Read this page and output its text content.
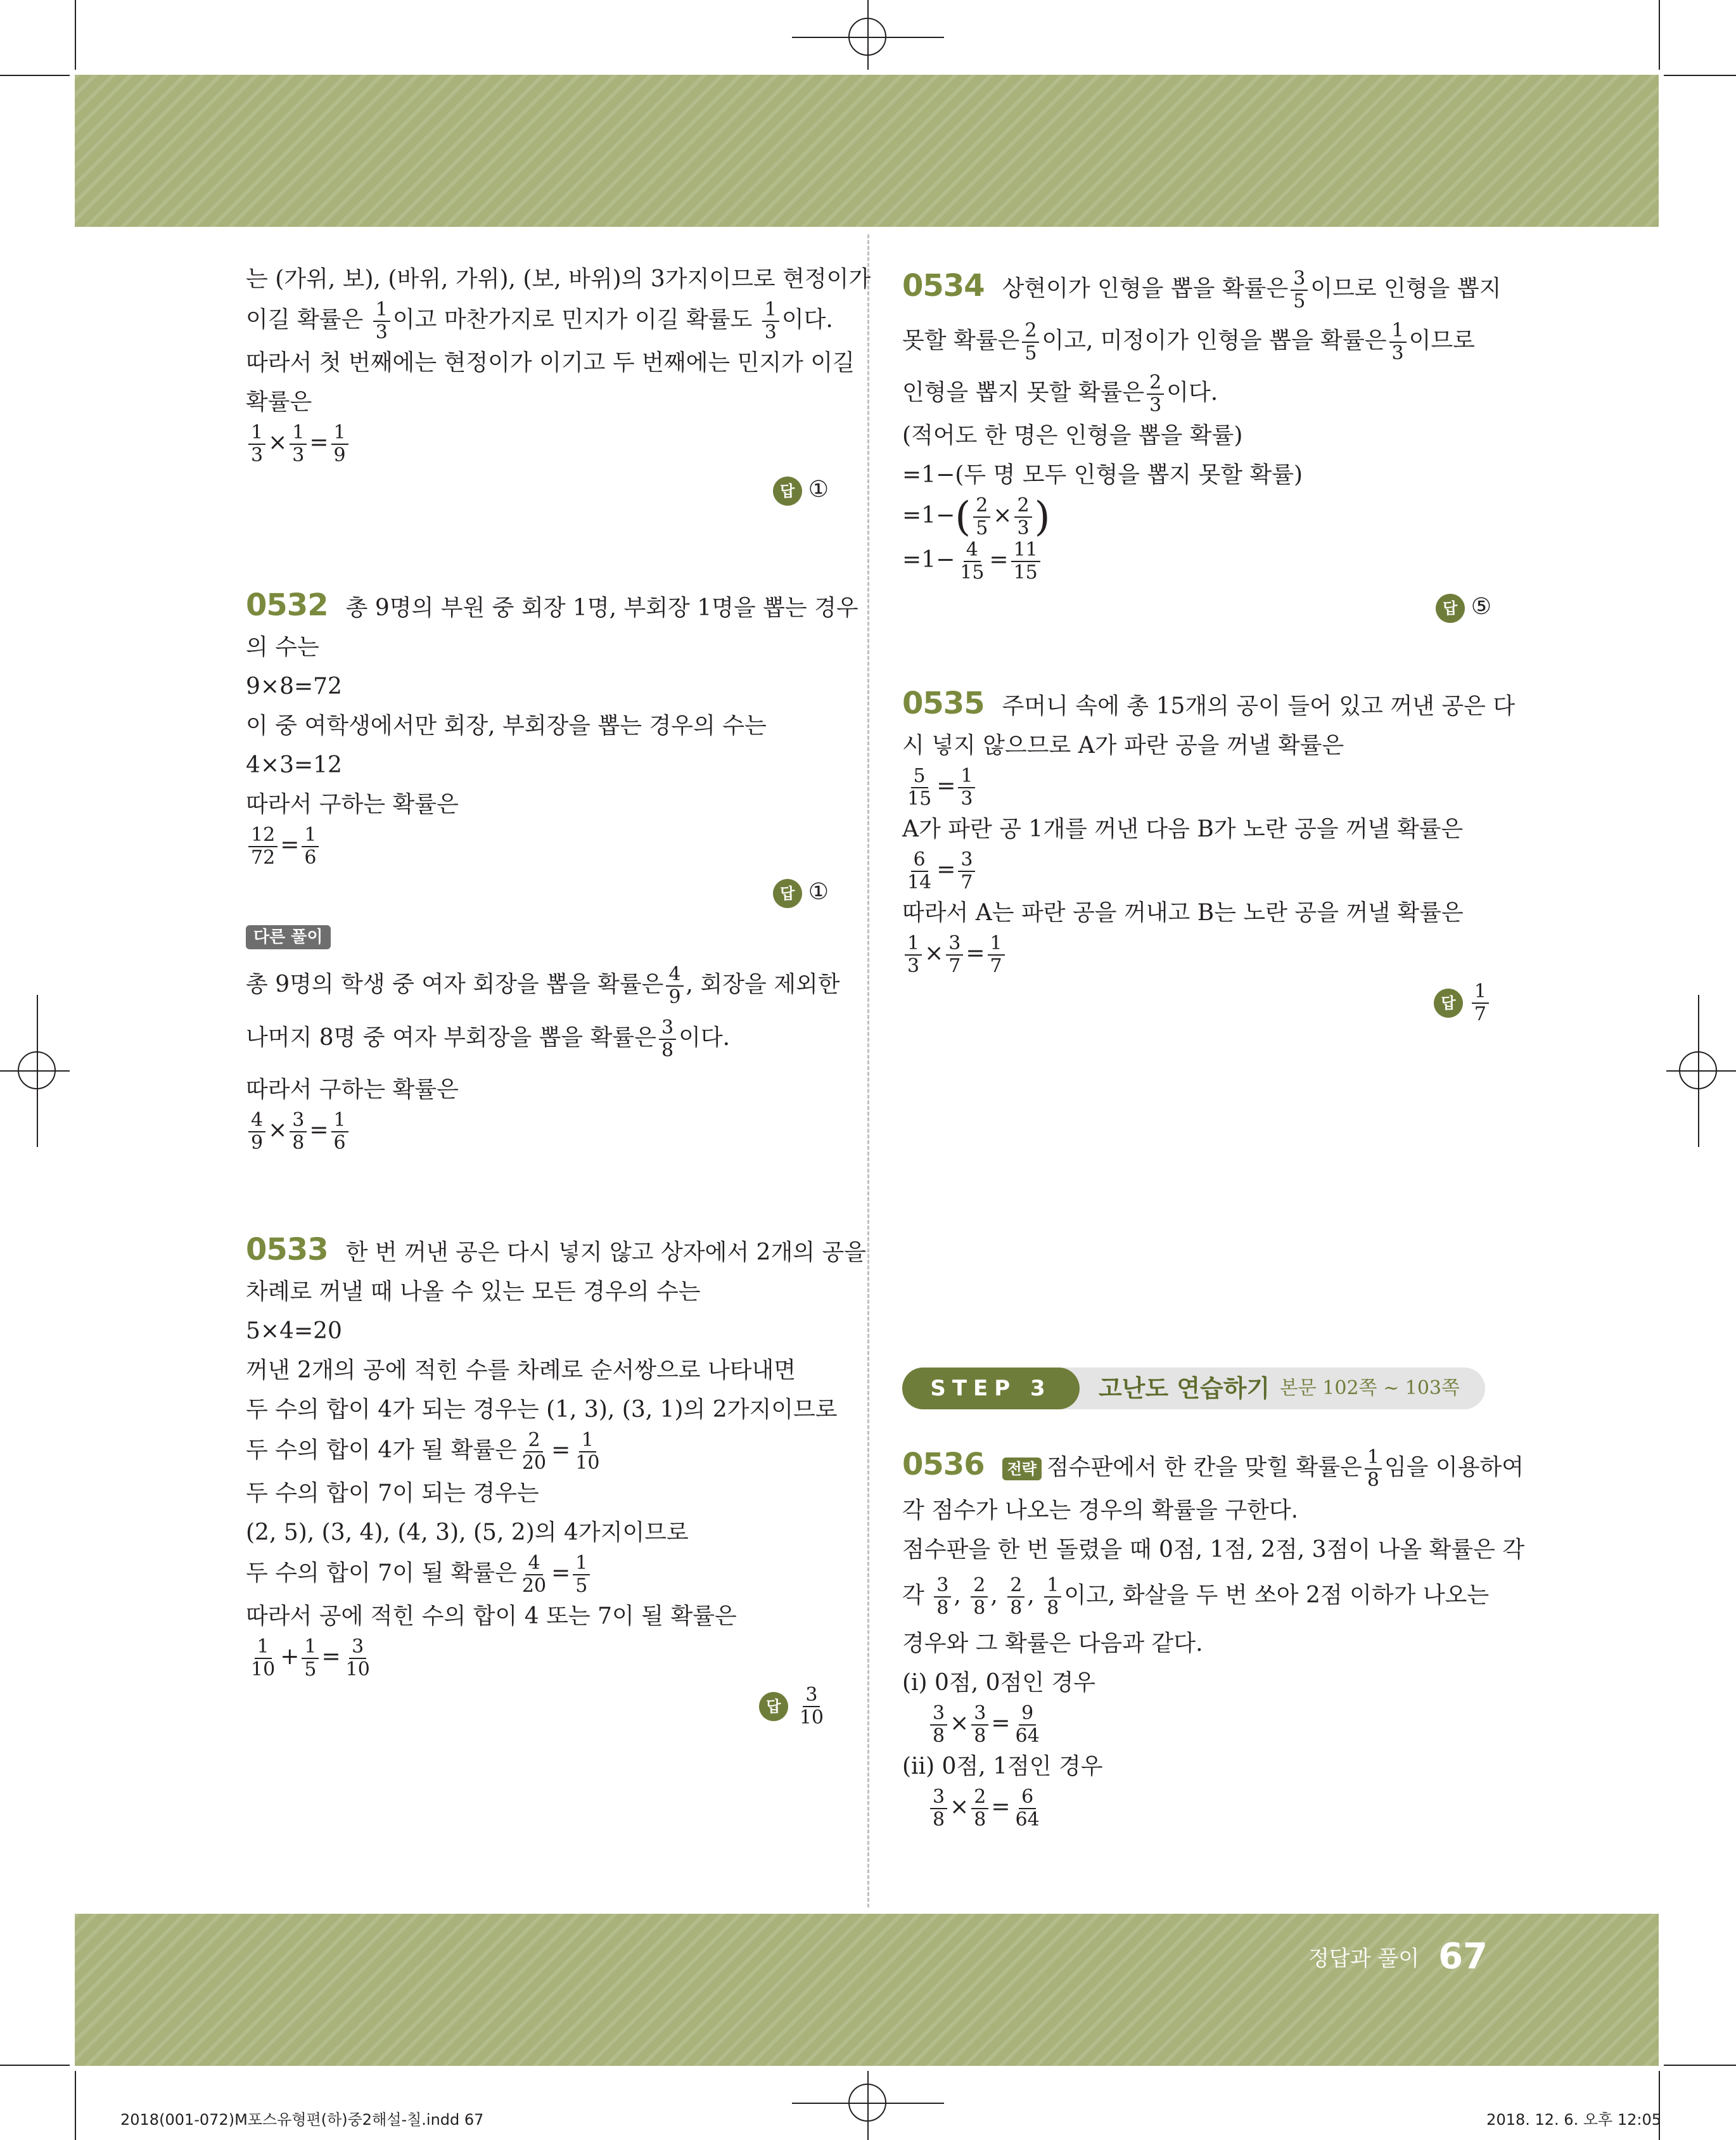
는 (가위, 보), (바위, 가위), (보, 바위)의 3가지이므로 현정이가
이길 확률은 $\frac{1}{3}$ 이고 마찬가지로 민지가 이길 확률도 $\frac{1}{3}$ 이다.
따라서 첫 번째에는 현정이가 이기고 두 번째에는 민지가 이길
확률은
$\frac{1}{3} \times \frac{1}{3} = \frac{1}{9}$
답 ①
0532 총 9명의 부원 중 회장 1명, 부회장 1명을 뽑는 경우
의 수는
9×8=72
이 중 여학생에서만 회장, 부회장을 뽑는 경우의 수는
4×3=12
따라서 구하는 확률은
$\frac{12}{72} = \frac{1}{6}$
답 ①
다른 풀이
총 9명의 학생 중 여자 회장을 뽑을 확률은 $\frac{4}{9}$ , 회장을 제외한
나머지 8명 중 여자 부회장을 뽑을 확률은 $\frac{3}{8}$ 이다.
따라서 구하는 확률은
$\frac{4}{9} \times \frac{3}{8} = \frac{1}{6}$
0533 한 번 꺼낸 공은 다시 넣지 않고 상자에서 2개의 공을
차례로 꺼낼 때 나올 수 있는 모든 경우의 수는
5×4=20
꺼낸 2개의 공에 적힌 수를 차례로 순서쌍으로 나타내면
두 수의 합이 4가 되는 경우는 (1, 3), (3, 1)의 2가지이므로
두 수의 합이 4가 될 확률은 $\frac{2}{20} = \frac{1}{10}$
두 수의 합이 7이 되는 경우는
(2, 5), (3, 4), (4, 3), (5, 2)의 4가지이므로
두 수의 합이 7이 될 확률은 $\frac{4}{20} = \frac{1}{5}$
따라서 공에 적힌 수의 합이 4 또는 7이 될 확률은
$\frac{1}{10} + \frac{1}{5} = \frac{3}{10}$
답 $\frac{3}{10}$
0534 상현이가 인형을 뽑을 확률은 $\frac{3}{5}$ 이므로 인형을 뽑지
못할 확률은 $\frac{2}{5}$ 이고, 미정이가 인형을 뽑을 확률은 $\frac{1}{3}$ 이므로
인형을 뽑지 못할 확률은 $\frac{2}{3}$ 이다.
(적어도 한 명은 인형을 뽑을 확률)
=1−(두 명 모두 인형을 뽑지 못할 확률)
$=1-( \frac{2}{5} \times \frac{2}{3}$ )
$=1- \frac{4}{15} = \frac{11}{15}$
답 ⑤
0535 주머니 속에 총 15개의 공이 들어 있고 꺼낸 공은 다
시 넣지 않으므로 A가 파란 공을 꺼낼 확률은
$\frac{5}{15} = \frac{1}{3}$
A가 파란 공 1개를 꺼낸 다음 B가 노란 공을 꺼낼 확률은
$\frac{6}{14} = \frac{3}{7}$
따라서 A는 파란 공을 꺼내고 B는 노란 공을 꺼낼 확률은
$\frac{1}{3} \times \frac{3}{7} = \frac{1}{7}$
답 $\frac{1}{7}$
STEP 3	고난도 연습하기 본문 102쪽 ~ 103쪽
0536 전략 점수판에서 한 칸을 맞힐 확률은 $\frac{1}{8}$ 임을 이용하여
각 점수가 나오는 경우의 확률을 구한다.
점수판을 한 번 돌렸을 때 0점, 1점, 2점, 3점이 나올 확률은 각
각 $\frac{3}{8}$ , $\frac{2}{8}$ , $\frac{2}{8}$ , $\frac{1}{8}$ 이고, 화살을 두 번 쏘아 2점 이하가 나오는
경우와 그 확률은 다음과 같다.
(ⅰ) 0점, 0점인 경우
$\frac{3}{8} \times \frac{3}{8} = \frac{9}{64}$
(ⅱ) 0점, 1점인 경우
$\frac{3}{8} \times \frac{2}{8} = \frac{6}{64}$
정답과 풀이 67
2018(001-072)M포스유형편(하)중2해설-칠.indd 67	2018. 12. 6. 오후 12:05
